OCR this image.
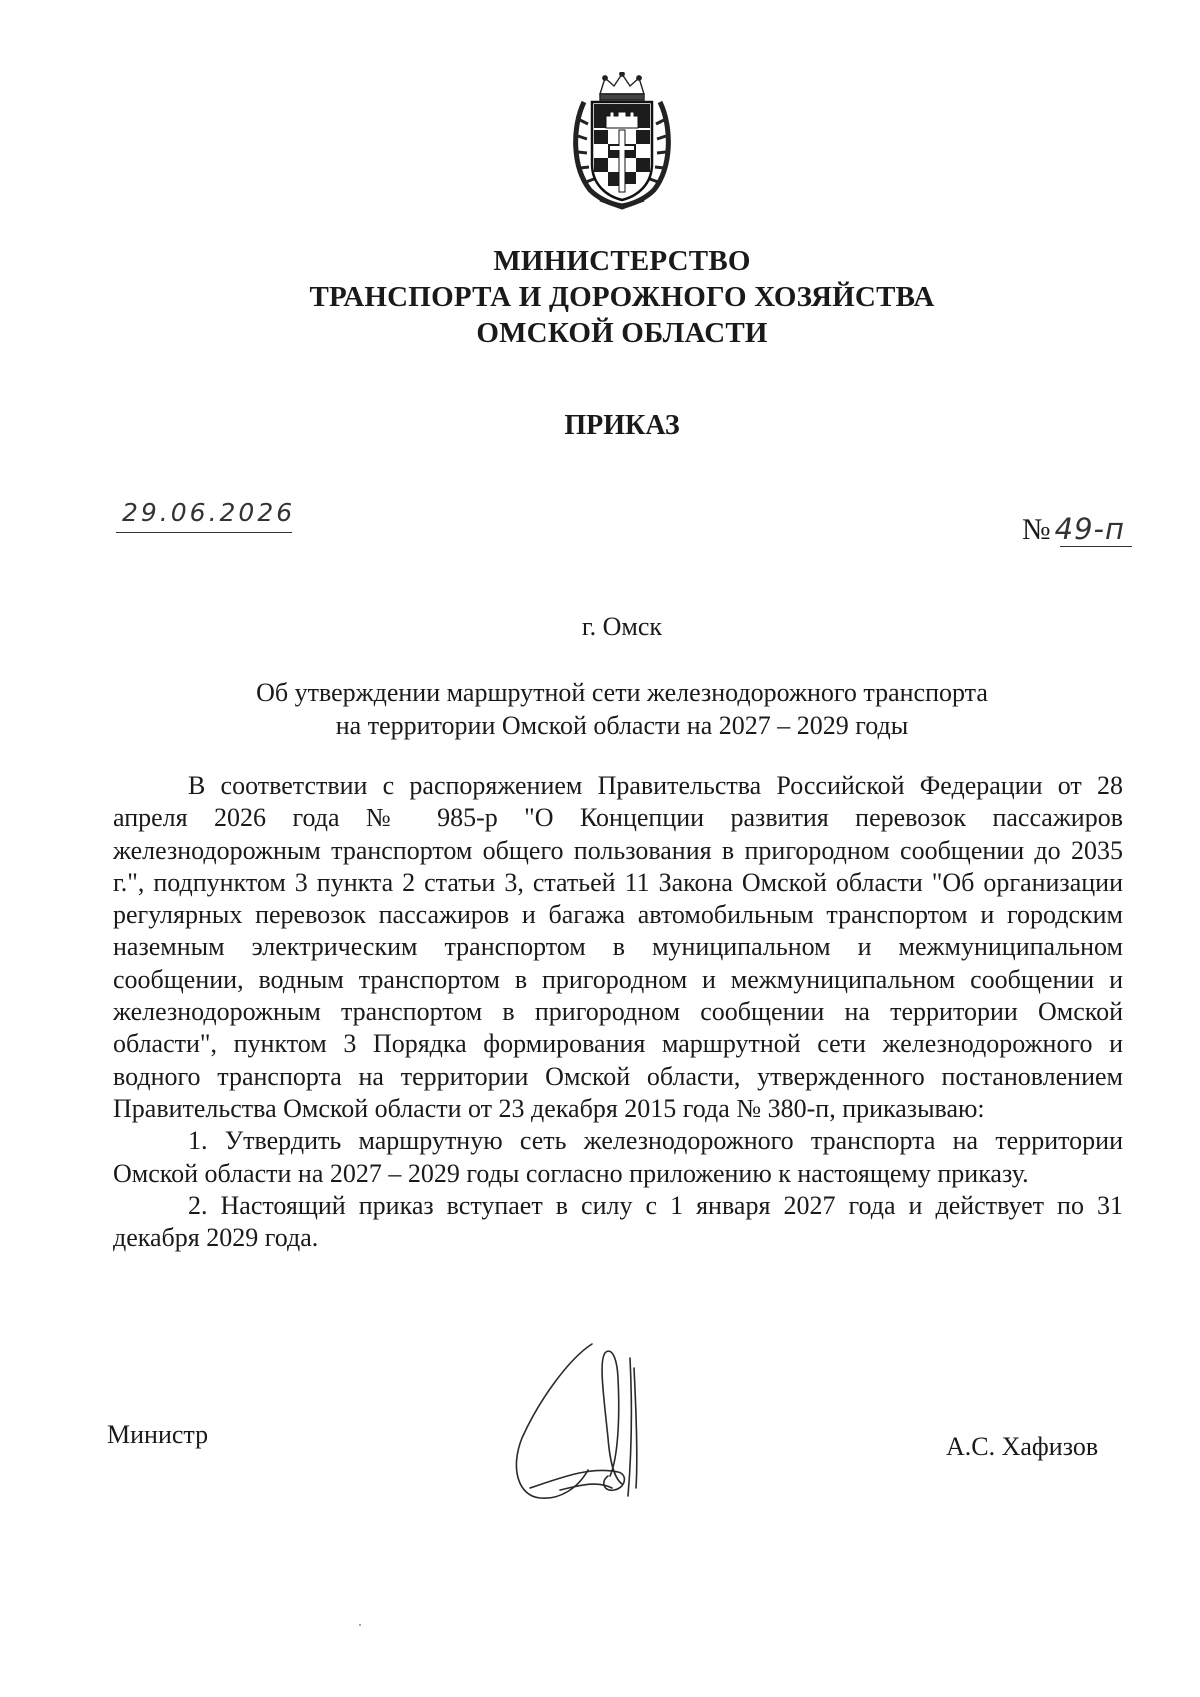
МИНИСТЕРСТВО
ТРАНСПОРТА И ДОРОЖНОГО ХОЗЯЙСТВА
ОМСКОЙ ОБЛАСТИ
ПРИКАЗ
29.06.2026
№ 49-п
г. Омск
Об утверждении маршрутной сети железнодорожного транспорта
на территории Омской области на 2027 – 2029 годы

В соответствии с распоряжением Правительства Российской Федерации от 28 апреля 2026 года № 985-р "О Концепции развития перевозок пассажиров железнодорожным транспортом общего пользования в пригородном сообщении до 2035 г.", подпунктом 3 пункта 2 статьи 3, статьей 11 Закона Омской области "Об организации регулярных перевозок пассажиров и багажа автомобильным транспортом и городским наземным электрическим транспортом в муниципальном и межмуниципальном сообщении, водным транспортом в пригородном и межмуниципальном сообщении и железнодорожным транспортом в пригородном сообщении на территории Омской области", пунктом 3 Порядка формирования маршрутной сети железнодорожного и водного транспорта на территории Омской области, утвержденного постановлением Правительства Омской области от 23 декабря 2015 года № 380-п, приказываю:

1. Утвердить маршрутную сеть железнодорожного транспорта на территории Омской области на 2027 – 2029 годы согласно приложению к настоящему приказу.

2. Настоящий приказ вступает в силу с 1 января 2027 года и действует по 31 декабря 2029 года.

Министр	А.С. Хафизов
